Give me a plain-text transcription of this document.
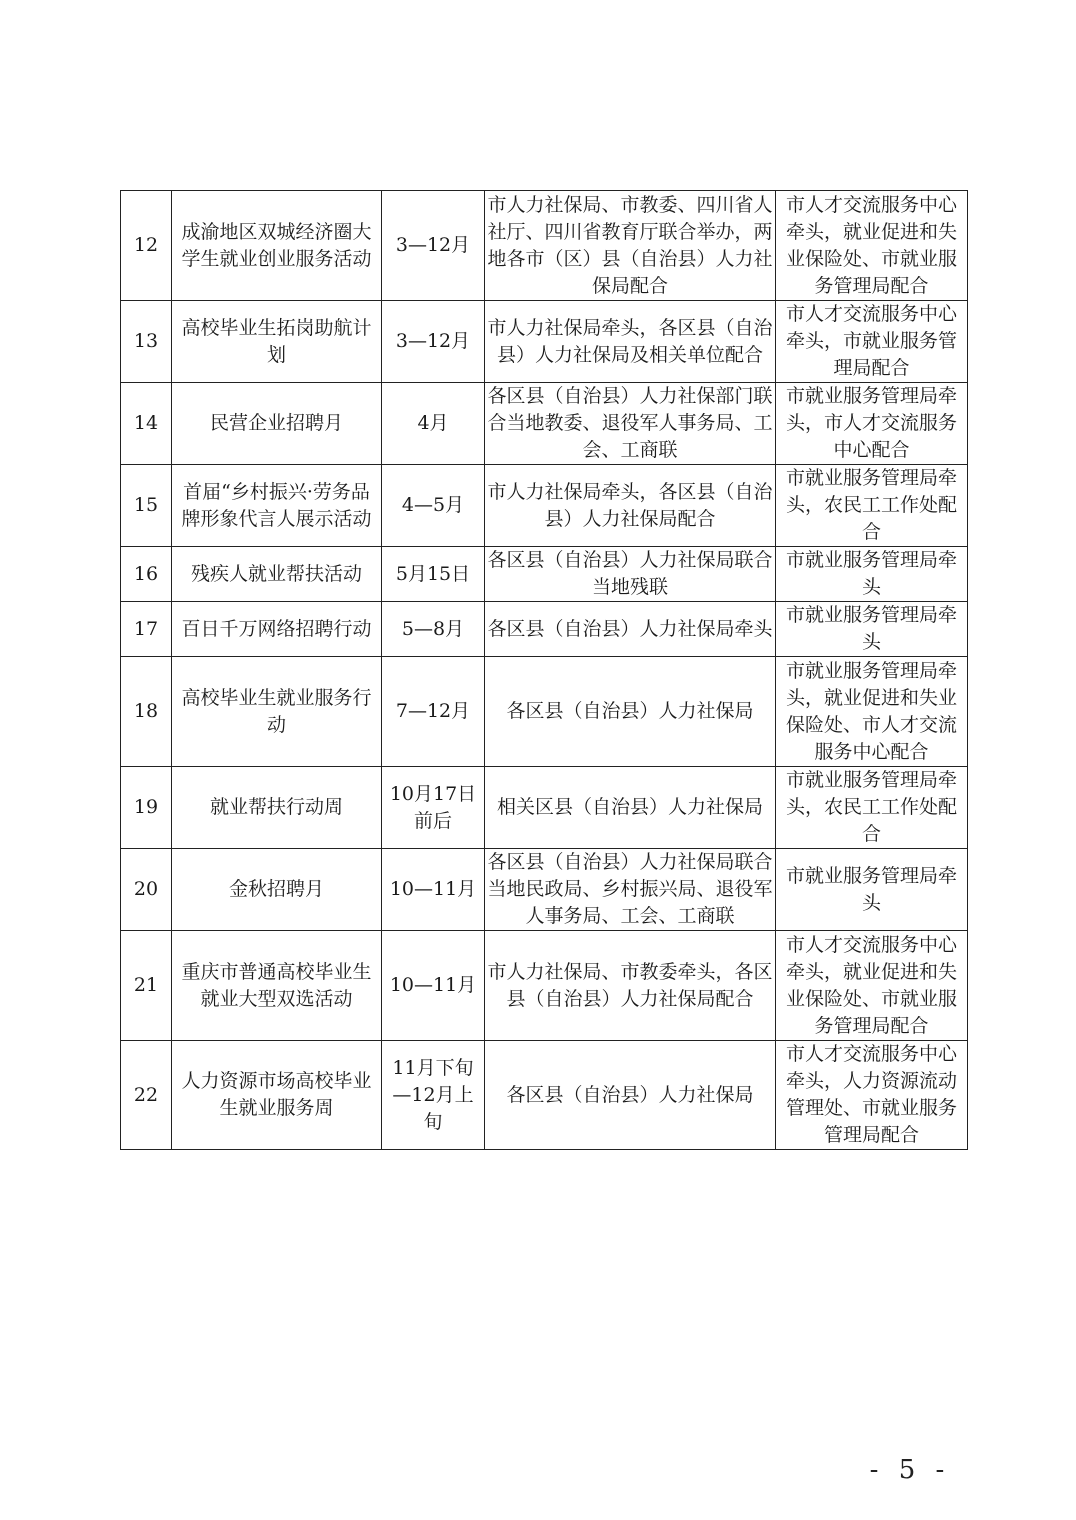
12	成渝地区双城经济圈大学生就业创业服务活动	3—12月	市人力社保局、市教委、四川省人社厅、四川省教育厅联合举办，两地各市（区）县（自治县）人力社保局配合	市人才交流服务中心牵头，就业促进和失业保险处、市就业服务管理局配合
13	高校毕业生拓岗助航计划	3—12月	市人力社保局牵头，各区县（自治县）人力社保局及相关单位配合	市人才交流服务中心牵头，市就业服务管理局配合
14	民营企业招聘月	4月	各区县（自治县）人力社保部门联合当地教委、退役军人事务局、工会、工商联	市就业服务管理局牵头，市人才交流服务中心配合
15	首届“乡村振兴·劳务品牌形象代言人展示活动	4—5月	市人力社保局牵头，各区县（自治县）人力社保局配合	市就业服务管理局牵头，农民工工作处配合
16	残疾人就业帮扶活动	5月15日	各区县（自治县）人力社保局联合当地残联	市就业服务管理局牵头
17	百日千万网络招聘行动	5—8月	各区县（自治县）人力社保局牵头	市就业服务管理局牵头
18	高校毕业生就业服务行动	7—12月	各区县（自治县）人力社保局	市就业服务管理局牵头，就业促进和失业保险处、市人才交流服务中心配合
19	就业帮扶行动周	10月17日前后	相关区县（自治县）人力社保局	市就业服务管理局牵头，农民工工作处配合
20	金秋招聘月	10—11月	各区县（自治县）人力社保局联合当地民政局、乡村振兴局、退役军人事务局、工会、工商联	市就业服务管理局牵头
21	重庆市普通高校毕业生就业大型双选活动	10—11月	市人力社保局、市教委牵头，各区县（自治县）人力社保局配合	市人才交流服务中心牵头，就业促进和失业保险处、市就业服务管理局配合
22	人力资源市场高校毕业生就业服务周	11月下旬—12月上旬	各区县（自治县）人力社保局	市人才交流服务中心牵头，人力资源流动管理处、市就业服务管理局配合
- 5 -
